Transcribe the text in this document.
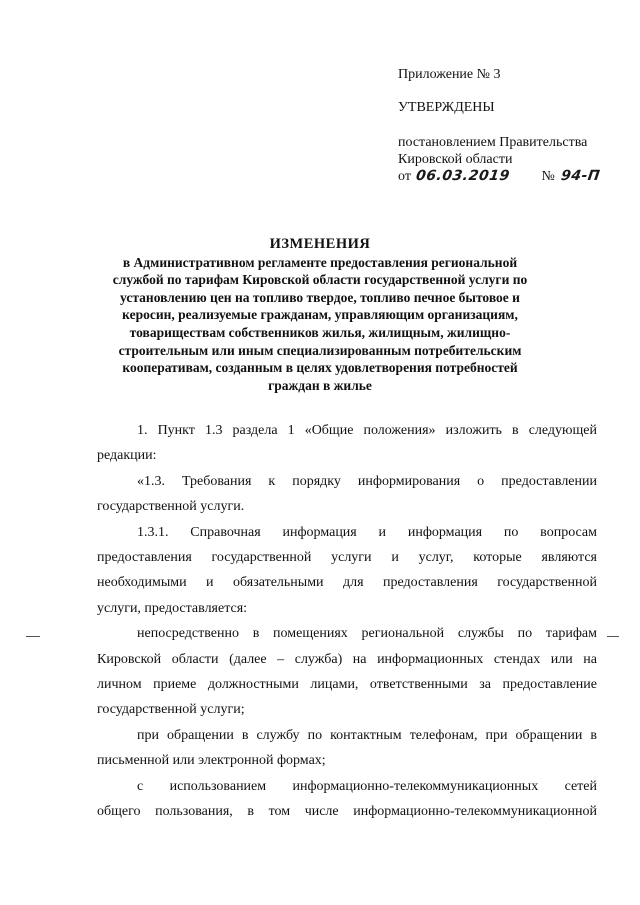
Приложение № 3
УТВЕРЖДЕНЫ
постановлением Правительства
Кировской области
от 06.03.2019 № 94-П
ИЗМЕНЕНИЯ
в Административном регламенте предоставления региональной
службой по тарифам Кировской области государственной услуги по
установлению цен на топливо твердое, топливо печное бытовое и
керосин, реализуемые гражданам, управляющим организациям,
товариществам собственников жилья, жилищным, жилищно-
строительным или иным специализированным потребительским
кооперативам, созданным в целях удовлетворения потребностей
граждан в жилье
1. Пункт 1.3 раздела 1 «Общие положения» изложить в следующей
редакции:
«1.3. Требования к порядку информирования о предоставлении
государственной услуги.
1.3.1. Справочная информация и информация по вопросам
предоставления государственной услуги и услуг, которые являются
необходимыми и обязательными для предоставления государственной
услуги, предоставляется:
непосредственно в помещениях региональной службы по тарифам
Кировской области (далее – служба) на информационных стендах или на
личном приеме должностными лицами, ответственными за предоставление
государственной услуги;
при обращении в службу по контактным телефонам, при обращении в
письменной или электронной формах;
с использованием информационно-телекоммуникационных сетей
общего пользования, в том числе информационно-телекоммуникационной
